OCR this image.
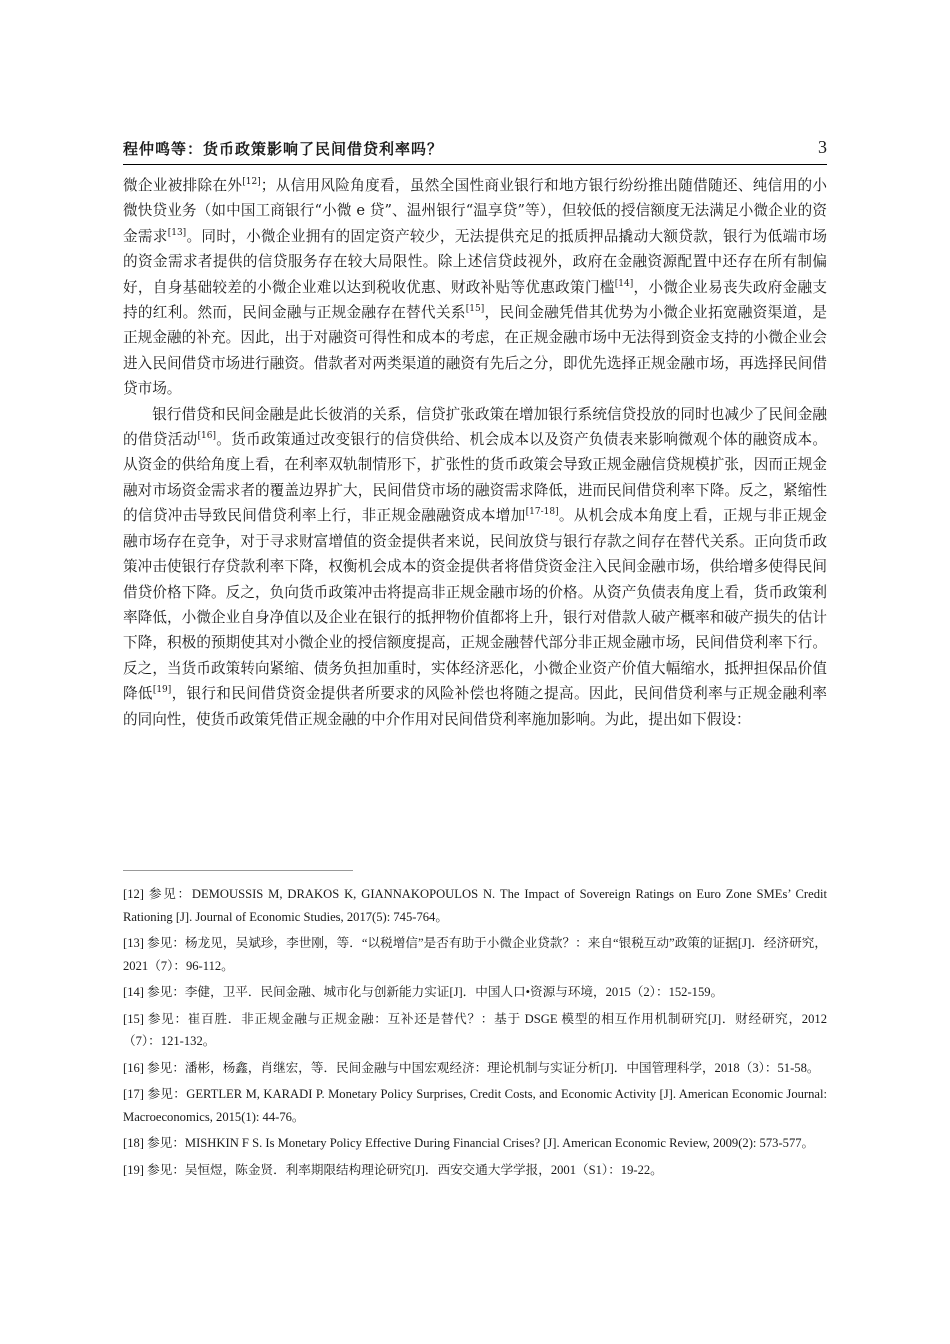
程仲鸣等：货币政策影响了民间借贷利率吗？	3

微企业被排除在外[12]；从信用风险角度看，虽然全国性商业银行和地方银行纷纷推出随借随还、纯信用的小微快贷业务（如中国工商银行“小微 e 贷”、温州银行“温享贷”等），但较低的授信额度无法满足小微企业的资金需求[13]。同时，小微企业拥有的固定资产较少，无法提供充足的抵质押品撬动大额贷款，银行为低端市场的资金需求者提供的信贷服务存在较大局限性。除上述信贷歧视外，政府在金融资源配置中还存在所有制偏好，自身基础较差的小微企业难以达到税收优惠、财政补贴等优惠政策门槛[14]，小微企业易丧失政府金融支持的红利。然而，民间金融与正规金融存在替代关系[15]，民间金融凭借其优势为小微企业拓宽融资渠道，是正规金融的补充。因此，出于对融资可得性和成本的考虑，在正规金融市场中无法得到资金支持的小微企业会进入民间借贷市场进行融资。借款者对两类渠道的融资有先后之分，即优先选择正规金融市场，再选择民间借贷市场。

银行借贷和民间金融是此长彼消的关系，信贷扩张政策在增加银行系统信贷投放的同时也减少了民间金融的借贷活动[16]。货币政策通过改变银行的信贷供给、机会成本以及资产负债表来影响微观个体的融资成本。从资金的供给角度上看，在利率双轨制情形下，扩张性的货币政策会导致正规金融信贷规模扩张，因而正规金融对市场资金需求者的覆盖边界扩大，民间借贷市场的融资需求降低，进而民间借贷利率下降。反之，紧缩性的信贷冲击导致民间借贷利率上行，非正规金融融资成本增加[17-18]。从机会成本角度上看，正规与非正规金融市场存在竞争，对于寻求财富增值的资金提供者来说，民间放贷与银行存款之间存在替代关系。正向货币政策冲击使银行存贷款利率下降，权衡机会成本的资金提供者将借贷资金注入民间金融市场，供给增多使得民间借贷价格下降。反之，负向货币政策冲击将提高非正规金融市场的价格。从资产负债表角度上看，货币政策利率降低，小微企业自身净值以及企业在银行的抵押物价值都将上升，银行对借款人破产概率和破产损失的估计下降，积极的预期使其对小微企业的授信额度提高，正规金融替代部分非正规金融市场，民间借贷利率下行。反之，当货币政策转向紧缩、债务负担加重时，实体经济恶化，小微企业资产价值大幅缩水，抵押担保品价值降低[19]，银行和民间借贷资金提供者所要求的风险补偿也将随之提高。因此，民间借贷利率与正规金融利率的同向性，使货币政策凭借正规金融的中介作用对民间借贷利率施加影响。为此，提出如下假设：

[12] 参见：DEMOUSSIS M, DRAKOS K, GIANNAKOPOULOS N. The Impact of Sovereign Ratings on Euro Zone SMEs’ Credit Rationing [J]. Journal of Economic Studies, 2017(5): 745-764。
[13] 参见：杨龙见，吴斌珍，李世刚，等．“以税增信”是否有助于小微企业贷款？：来自“银税互动”政策的证据[J]．经济研究，2021（7）：96-112。
[14] 参见：李健，卫平．民间金融、城市化与创新能力实证[J]．中国人口•资源与环境，2015（2）：152-159。
[15] 参见：崔百胜．非正规金融与正规金融：互补还是替代？：基于 DSGE 模型的相互作用机制研究[J]．财经研究，2012（7）：121-132。
[16] 参见：潘彬，杨鑫，肖继宏，等．民间金融与中国宏观经济：理论机制与实证分析[J]．中国管理科学，2018（3）：51-58。
[17] 参见：GERTLER M, KARADI P. Monetary Policy Surprises, Credit Costs, and Economic Activity [J]. American Economic Journal: Macroeconomics, 2015(1): 44-76。
[18] 参见：MISHKIN F S. Is Monetary Policy Effective During Financial Crises? [J]. American Economic Review, 2009(2): 573-577。
[19] 参见：吴恒煜，陈金贤．利率期限结构理论研究[J]．西安交通大学学报，2001（S1）：19-22。
